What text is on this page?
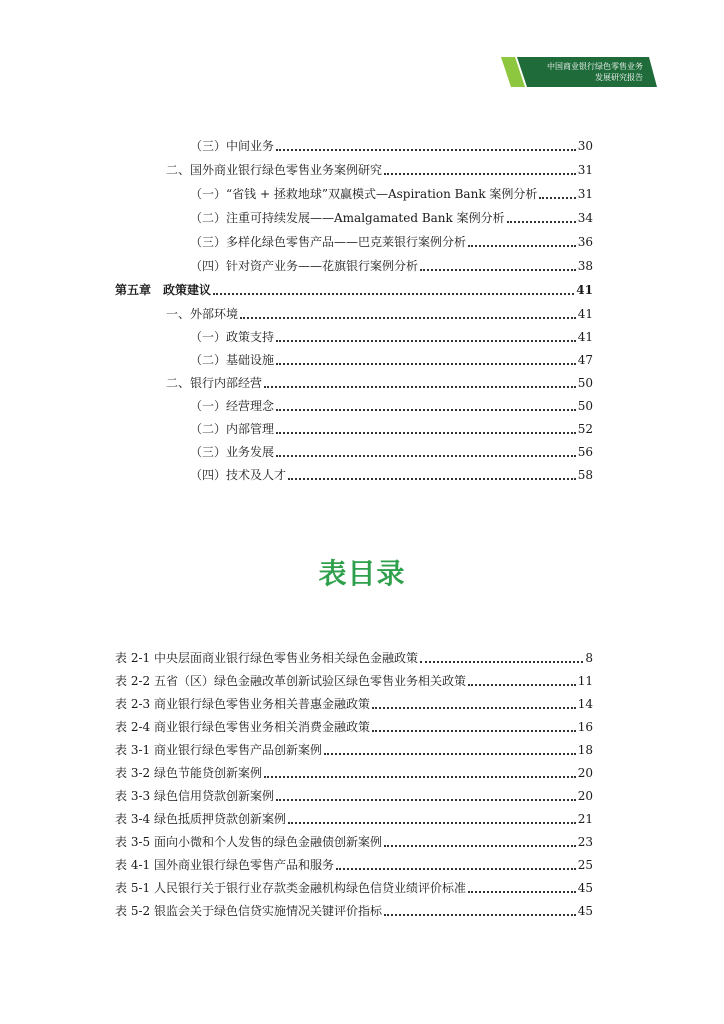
中国商业银行绿色零售业务
发展研究报告
（三）中间业务	30
二、国外商业银行绿色零售业务案例研究	31
（一）“省钱 + 拯救地球”双赢模式—Aspiration Bank 案例分析	31
（二）注重可持续发展——Amalgamated Bank 案例分析	34
（三）多样化绿色零售产品——巴克莱银行案例分析	36
（四）针对资产业务——花旗银行案例分析	38
第五章　政策建议	41
一、外部环境	41
（一）政策支持	41
（二）基础设施	47
二、银行内部经营	50
（一）经营理念	50
（二）内部管理	52
（三）业务发展	56
（四）技术及人才	58
表目录
表 2-1 中央层面商业银行绿色零售业务相关绿色金融政策	8
表 2-2 五省（区）绿色金融改革创新试验区绿色零售业务相关政策	11
表 2-3 商业银行绿色零售业务相关普惠金融政策	14
表 2-4 商业银行绿色零售业务相关消费金融政策	16
表 3-1 商业银行绿色零售产品创新案例	18
表 3-2 绿色节能贷创新案例	20
表 3-3 绿色信用贷款创新案例	20
表 3-4 绿色抵质押贷款创新案例	21
表 3-5 面向小微和个人发售的绿色金融债创新案例	23
表 4-1 国外商业银行绿色零售产品和服务	25
表 5-1 人民银行关于银行业存款类金融机构绿色信贷业绩评价标准	45
表 5-2 银监会关于绿色信贷实施情况关键评价指标	45
